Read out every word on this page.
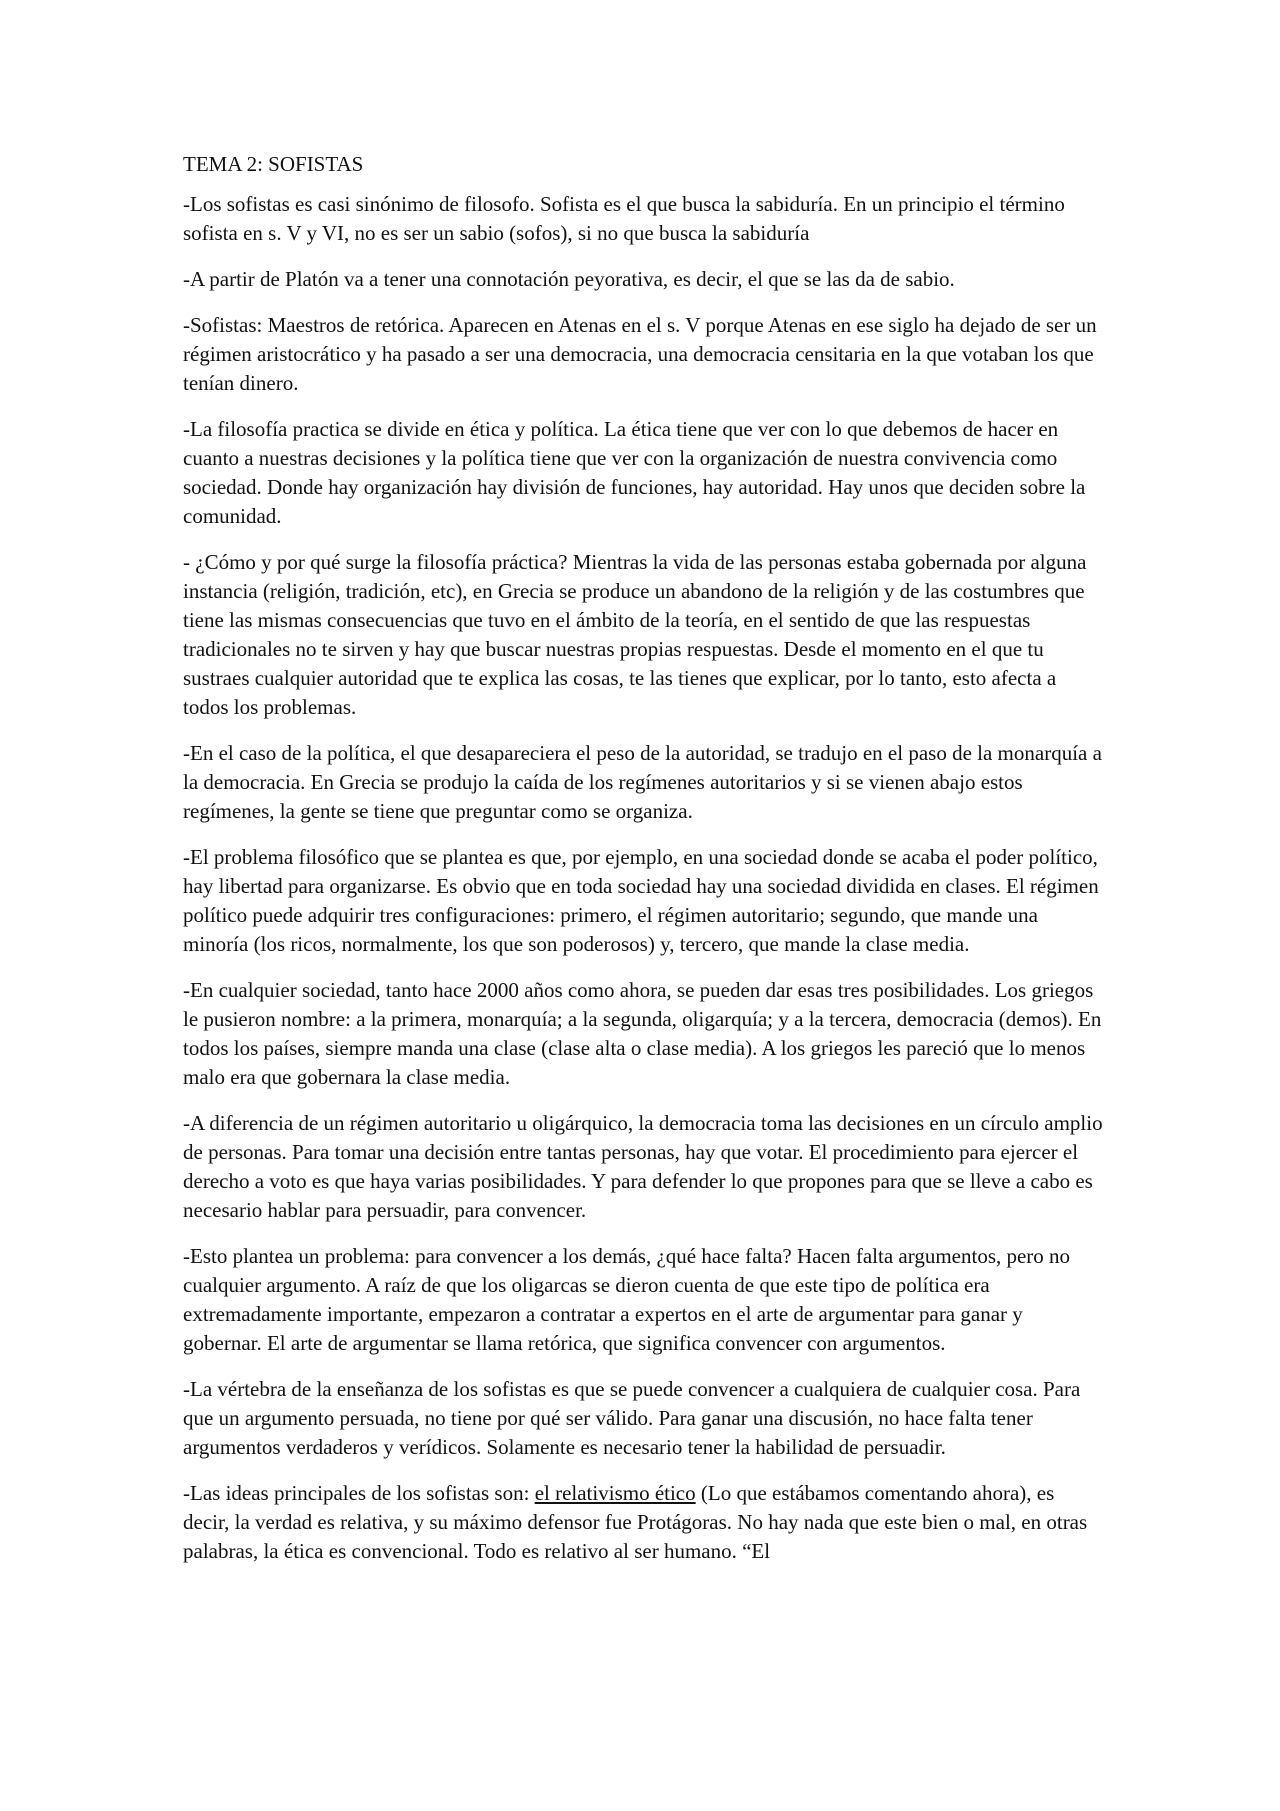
TEMA 2: SOFISTAS

-Los sofistas es casi sinónimo de filosofo. Sofista es el que busca la sabiduría. En un principio el término sofista en s. V y VI, no es ser un sabio (sofos), si no que busca la sabiduría

-A partir de Platón va a tener una connotación peyorativa, es decir, el que se las da de sabio.

-Sofistas: Maestros de retórica. Aparecen en Atenas en el s. V porque Atenas en ese siglo ha dejado de ser un régimen aristocrático y ha pasado a ser una democracia, una democracia censitaria en la que votaban los que tenían dinero.

-La filosofía practica se divide en ética y política. La ética tiene que ver con lo que debemos de hacer en cuanto a nuestras decisiones y la política tiene que ver con la organización de nuestra convivencia como sociedad. Donde hay organización hay división de funciones, hay autoridad. Hay unos que deciden sobre la comunidad.

- ¿Cómo y por qué surge la filosofía práctica? Mientras la vida de las personas estaba gobernada por alguna instancia (religión, tradición, etc), en Grecia se produce un abandono de la religión y de las costumbres que tiene las mismas consecuencias que tuvo en el ámbito de la teoría, en el sentido de que las respuestas tradicionales no te sirven y hay que buscar nuestras propias respuestas. Desde el momento en el que tu sustraes cualquier autoridad que te explica las cosas, te las tienes que explicar, por lo tanto, esto afecta a todos los problemas.

-En el caso de la política, el que desapareciera el peso de la autoridad, se tradujo en el paso de la monarquía a la democracia. En Grecia se produjo la caída de los regímenes autoritarios y si se vienen abajo estos regímenes, la gente se tiene que preguntar como se organiza.

-El problema filosófico que se plantea es que, por ejemplo, en una sociedad donde se acaba el poder político, hay libertad para organizarse. Es obvio que en toda sociedad hay una sociedad dividida en clases. El régimen político puede adquirir tres configuraciones: primero, el régimen autoritario; segundo, que mande una minoría (los ricos, normalmente, los que son poderosos) y, tercero, que mande la clase media.

-En cualquier sociedad, tanto hace 2000 años como ahora, se pueden dar esas tres posibilidades. Los griegos le pusieron nombre: a la primera, monarquía; a la segunda, oligarquía; y a la tercera, democracia (demos). En todos los países, siempre manda una clase (clase alta o clase media). A los griegos les pareció que lo menos malo era que gobernara la clase media.

-A diferencia de un régimen autoritario u oligárquico, la democracia toma las decisiones en un círculo amplio de personas. Para tomar una decisión entre tantas personas, hay que votar. El procedimiento para ejercer el derecho a voto es que haya varias posibilidades. Y para defender lo que propones para que se lleve a cabo es necesario hablar para persuadir, para convencer.

-Esto plantea un problema: para convencer a los demás, ¿qué hace falta? Hacen falta argumentos, pero no cualquier argumento. A raíz de que los oligarcas se dieron cuenta de que este tipo de política era extremadamente importante, empezaron a contratar a expertos en el arte de argumentar para ganar y gobernar. El arte de argumentar se llama retórica, que significa convencer con argumentos.

-La vértebra de la enseñanza de los sofistas es que se puede convencer a cualquiera de cualquier cosa. Para que un argumento persuada, no tiene por qué ser válido. Para ganar una discusión, no hace falta tener argumentos verdaderos y verídicos. Solamente es necesario tener la habilidad de persuadir.

-Las ideas principales de los sofistas son: el relativismo ético (Lo que estábamos comentando ahora), es decir, la verdad es relativa, y su máximo defensor fue Protágoras. No hay nada que este bien o mal, en otras palabras, la ética es convencional. Todo es relativo al ser humano. “El
